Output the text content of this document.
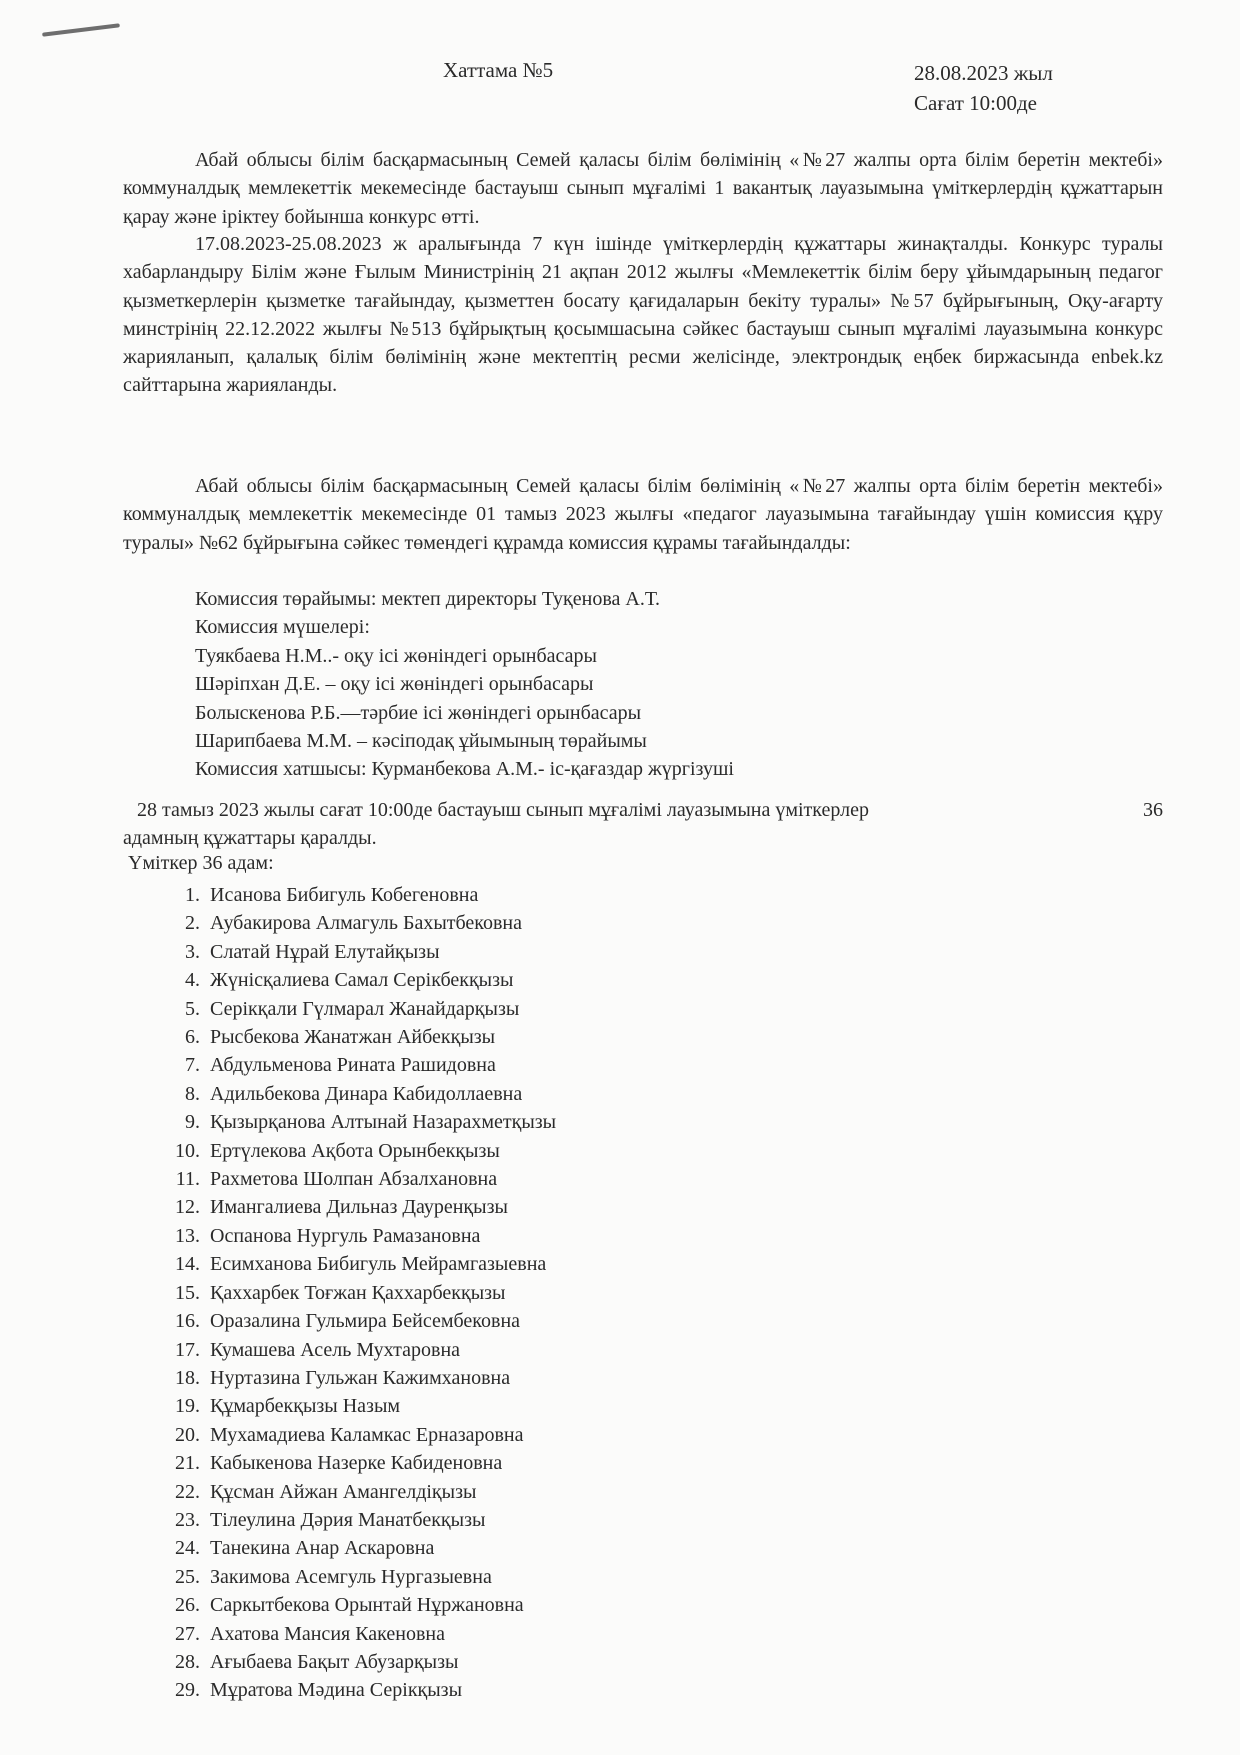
Хаттама №5	28.08.2023 жыл
Сағат 10:00де

Абай облысы білім басқармасының Семей қаласы білім бөлімінің «№27 жалпы орта білім беретін мектебі» коммуналдық мемлекеттік мекемесінде бастауыш сынып мұғалімі 1 вакантық лауазымына үміткерлердің құжаттарын қарау және іріктеу бойынша конкурс өтті.

17.08.2023-25.08.2023 ж аралығында 7 күн ішінде үміткерлердің құжаттары жинақталды. Конкурс туралы хабарландыру Білім және Ғылым Министрінің 21 ақпан 2012 жылғы «Мемлекеттік білім беру ұйымдарының педагог қызметкерлерін қызметке тағайындау, қызметтен босату қағидаларын бекіту туралы» №57 бұйрығының, Оқу-ағарту минстрінің 22.12.2022 жылғы №513 бұйрықтың қосымшасына сәйкес бастауыш сынып мұғалімі лауазымына конкурс жарияланып, қалалық білім бөлімінің және мектептің ресми желісінде, электрондық еңбек биржасында enbek.kz сайттарына жарияланды.

Абай облысы білім басқармасының Семей қаласы білім бөлімінің «№27 жалпы орта білім беретін мектебі» коммуналдық мемлекеттік мекемесінде 01 тамыз 2023 жылғы «педагог лауазымына тағайындау үшін комиссия құру туралы» №62 бұйрығына сәйкес төмендегі құрамда комиссия құрамы тағайындалды:

Комиссия төрайымы: мектеп директоры Туқенова А.Т.
Комиссия мүшелері:
Туякбаева Н.М..- оқу ісі жөніндегі орынбасары
Шәріпхан Д.Е. – оқу ісі жөніндегі орынбасары
Болыскенова Р.Б.—тәрбие ісі жөніндегі орынбасары
Шарипбаева М.М. – кәсіподақ ұйымының төрайымы
Комиссия хатшысы: Курманбекова А.М.- іс-қағаздар жүргізуші
28 тамыз 2023 жылы сағат 10:00де бастауыш сынып мұғалімі лауазымына үміткерлер	36
адамның құжаттары қаралды.
Үміткер 36 адам:
1. Исанова Бибигуль Кобегеновна
2. Аубакирова Алмагуль Бахытбековна
3. Слатай Нұрай Елутайқызы
4. Жүнісқалиева Самал Серікбекқызы
5. Серікқали Гүлмарал Жанайдарқызы
6. Рысбекова Жанатжан Айбекқызы
7. Абдульменова Рината Рашидовна
8. Адильбекова Динара Кабидоллаевна
9. Қызырқанова Алтынай Назарахметқызы
10. Ертүлекова Ақбота Орынбекқызы
11. Рахметова Шолпан Абзалхановна
12. Имангалиева Дильназ Дауренқызы
13. Оспанова Нургуль Рамазановна
14. Есимханова Бибигуль Мейрамгазыевна
15. Қаххарбек Тоғжан Қаххарбекқызы
16. Оразалина Гульмира Бейсембековна
17. Кумашева Асель Мухтаровна
18. Нуртазина Гульжан Кажимхановна
19. Құмарбекқызы Назым
20. Мухамадиева Каламкас Ерназаровна
21. Кабыкенова Назерке Кабиденовна
22. Құсман Айжан Амангелдіқызы
23. Тілеулина Дәрия Манатбекқызы
24. Танекина Анар Аскаровна
25. Закимова Асемгуль Нургазыевна
26. Саркытбекова Орынтай Нұржановна
27. Ахатова Мансия Какеновна
28. Ағыбаева Бақыт Абузарқызы
29. Мұратова Мәдина Серікқызы
